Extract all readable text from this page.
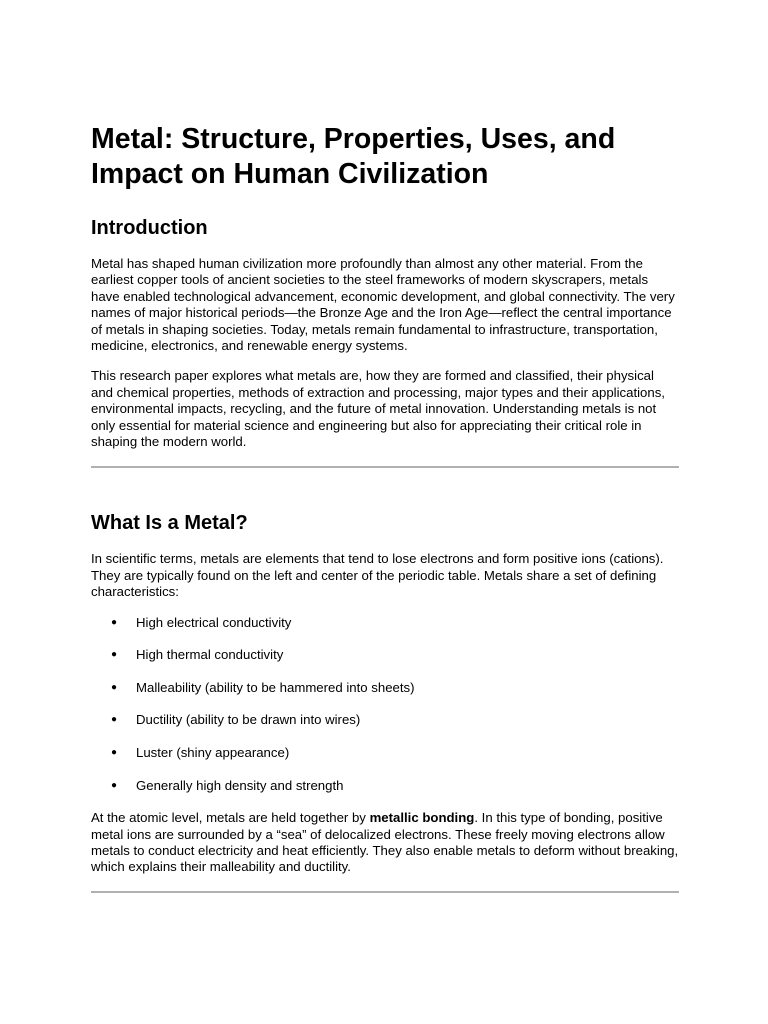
Metal: Structure, Properties, Uses, and Impact on Human Civilization
Introduction

Metal has shaped human civilization more profoundly than almost any other material. From the earliest copper tools of ancient societies to the steel frameworks of modern skyscrapers, metals have enabled technological advancement, economic development, and global connectivity. The very names of major historical periods—the Bronze Age and the Iron Age—reflect the central importance of metals in shaping societies. Today, metals remain fundamental to infrastructure, transportation, medicine, electronics, and renewable energy systems.

This research paper explores what metals are, how they are formed and classified, their physical and chemical properties, methods of extraction and processing, major types and their applications, environmental impacts, recycling, and the future of metal innovation. Understanding metals is not only essential for material science and engineering but also for appreciating their critical role in shaping the modern world.

What Is a Metal?

In scientific terms, metals are elements that tend to lose electrons and form positive ions (cations). They are typically found on the left and center of the periodic table. Metals share a set of defining characteristics:

● High electrical conductivity
● High thermal conductivity
● Malleability (ability to be hammered into sheets)
● Ductility (ability to be drawn into wires)
● Luster (shiny appearance)
● Generally high density and strength

At the atomic level, metals are held together by metallic bonding. In this type of bonding, positive metal ions are surrounded by a “sea” of delocalized electrons. These freely moving electrons allow metals to conduct electricity and heat efficiently. They also enable metals to deform without breaking, which explains their malleability and ductility.
